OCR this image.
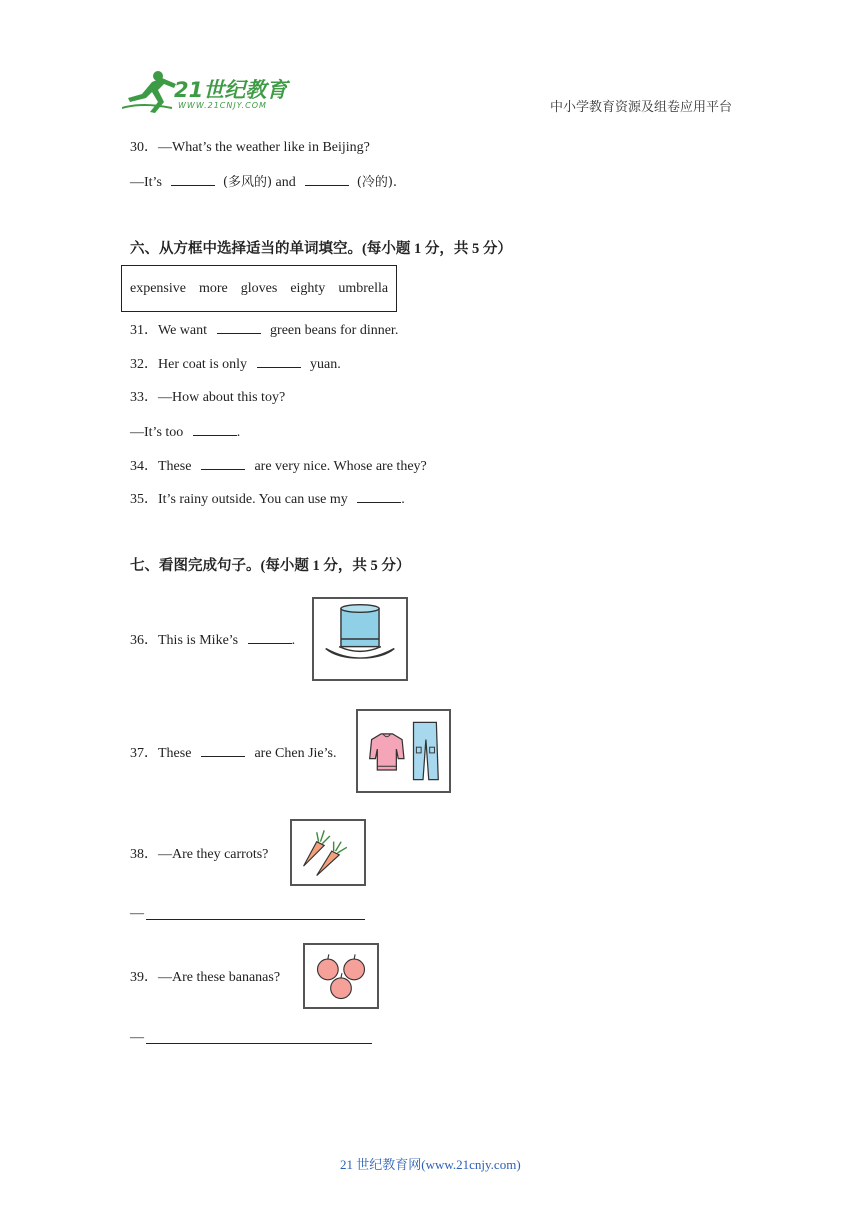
21世纪教育
WWW.21CNJY.COM	中小学教育资源及组卷应用平台
30．—What’s the weather like in Beijing?
—It’s	(多风的) and	(冷的).
六、从方框中选择适当的单词填空。(每小题 1 分，共 5 分）
expensive more gloves eighty umbrella
31．We want	green beans for dinner.
32．Her coat is only	yuan.
33．—How about this toy?
—It’s too	.
34．These	are very nice. Whose are they?
35．It’s rainy outside. You can use my	.
七、看图完成句子。(每小题 1 分，共 5 分）
36．This is Mike’s	.
37．These	are Chen Jie’s.
38．—Are they carrots?
—
39．—Are these bananas?
—
21 世纪教育网(www.21cnjy.com)
